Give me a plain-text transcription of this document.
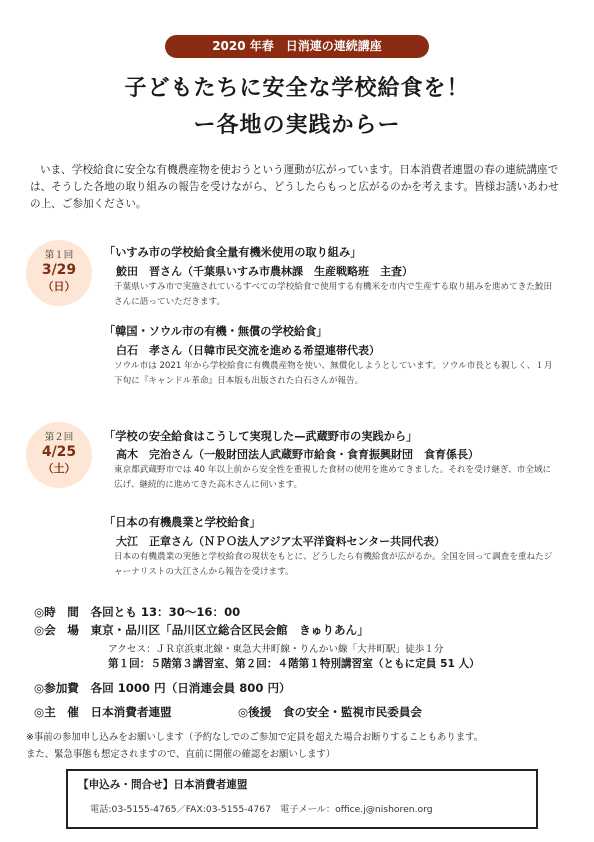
2020 年春　日消連の連続講座
子どもたちに安全な学校給食を！
ー各地の実践からー
いま、学校給食に安全な有機農産物を使おうという運動が広がっています。日本消費者連盟の春の連続講座では、そうした各地の取り組みの報告を受けながら、どうしたらもっと広がるのかを考えます。皆様お誘いあわせの上、ご参加ください。
第１回
3/29
（日）
「いすみ市の学校給食全量有機米使用の取り組み」
鮫田　晋さん（千葉県いすみ市農林課　生産戦略班　主査）
千葉県いすみ市で実施されているすべての学校給食で使用する有機米を市内で生産する取り組みを進めてきた鮫田さんに語っていただきます。
「韓国・ソウル市の有機・無償の学校給食」
白石　孝さん（日韓市民交流を進める希望連帯代表）
ソウル市は 2021 年から学校給食に有機農産物を使い、無償化しようとしています。ソウル市長とも親しく、１月下旬に『キャンドル革命』日本版も出版された白石さんが報告。
第２回
4/25
（土）
「学校の安全給食はこうして実現した—武蔵野市の実践から」
高木　完治さん（一般財団法人武蔵野市給食・食育振興財団　食育係長）
東京都武蔵野市では 40 年以上前から安全性を重視した食材の使用を進めてきました。それを受け継ぎ、市全域に広げ、継続的に進めてきた高木さんに伺います。
「日本の有機農業と学校給食」
大江　正章さん（ＮＰＯ法人アジア太平洋資料センター共同代表）
日本の有機農業の実態と学校給食の現状をもとに、どうしたら有機給食が広がるか。全国を回って調査を重ねたジャーナリストの大江さんから報告を受けます。
◎時　間　各回とも 13：30〜16：00
◎会　場　東京・品川区「品川区立総合区民会館　きゅりあん」
アクセス：ＪＲ京浜東北線・東急大井町線・りんかい線「大井町駅」徒歩１分
第１回：５階第３講習室、第２回：４階第１特別講習室（ともに定員 51 人）
◎参加費　各回 1000 円（日消連会員 800 円）
◎主　催　日本消費者連盟	◎後援　食の安全・監視市民委員会
※事前の参加申し込みをお願いします（予約なしでのご参加で定員を超えた場合お断りすることもあります。
また、緊急事態も想定されますので、直前に開催の確認をお願いします）
【申込み・問合せ】日本消費者連盟
電話:03-5155-4765／FAX:03-5155-4767　電子メール：office.j@nishoren.org
